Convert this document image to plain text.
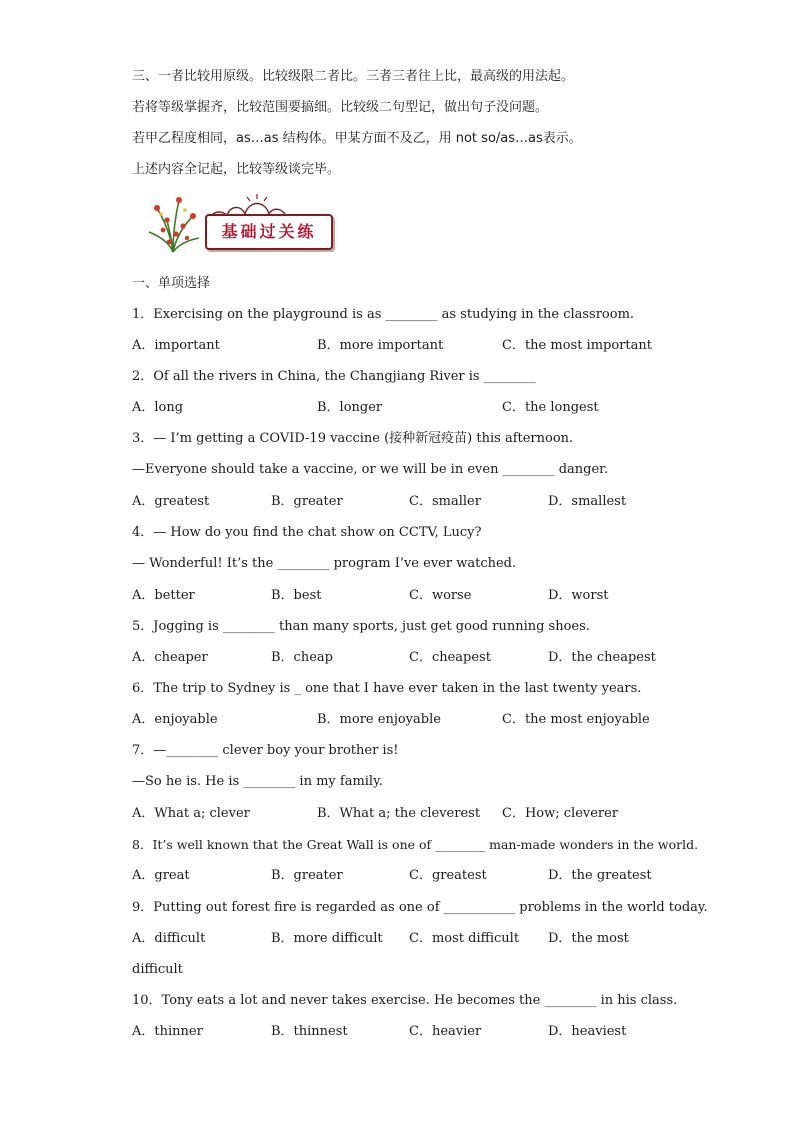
三、一者比较用原级。比较级限二者比。三者三者往上比，最高级的用法起。
若将等级掌握齐，比较范围要搞细。比较级二句型记，做出句子没问题。
若甲乙程度相同，as…as 结构体。甲某方面不及乙，用 not so/as…as表示。
上述内容全记起，比较等级谈完毕。
基础过关练
一、单项选择
1．Exercising on the playground is as ________ as studying in the classroom.
A．important	B．more important	C．the most important
2．Of all the rivers in China, the Changjiang River is ________
A．long	B．longer	C．the longest
3．— I’m getting a COVID-19 vaccine (接种新冠疫苗) this afternoon.
—Everyone should take a vaccine, or we will be in even ________ danger.
A．greatest	B．greater	C．smaller	D．smallest
4．— How do you find the chat show on CCTV, Lucy?
— Wonderful! It’s the ________ program I’ve ever watched.
A．better	B．best	C．worse	D．worst
5．Jogging is ________ than many sports, just get good running shoes.
A．cheaper	B．cheap	C．cheapest	D．the cheapest
6．The trip to Sydney is _ one that I have ever taken in the last twenty years.
A．enjoyable	B．more enjoyable	C．the most enjoyable
7．—________ clever boy your brother is!
—So he is. He is ________ in my family.
A．What a; clever	B．What a; the cleverest C．How; cleverer
8．It’s well known that the Great Wall is one of ________ man-made wonders in the world.
A．great	B．greater	C．greatest	D．the greatest
9．Putting out forest fire is regarded as one of ___________ problems in the world today.
A．difficult	B．more difficult C．most difficult D．the most
difficult
10．Tony eats a lot and never takes exercise. He becomes the ________ in his class.
A．thinner	B．thinnest	C．heavier	D．heaviest
